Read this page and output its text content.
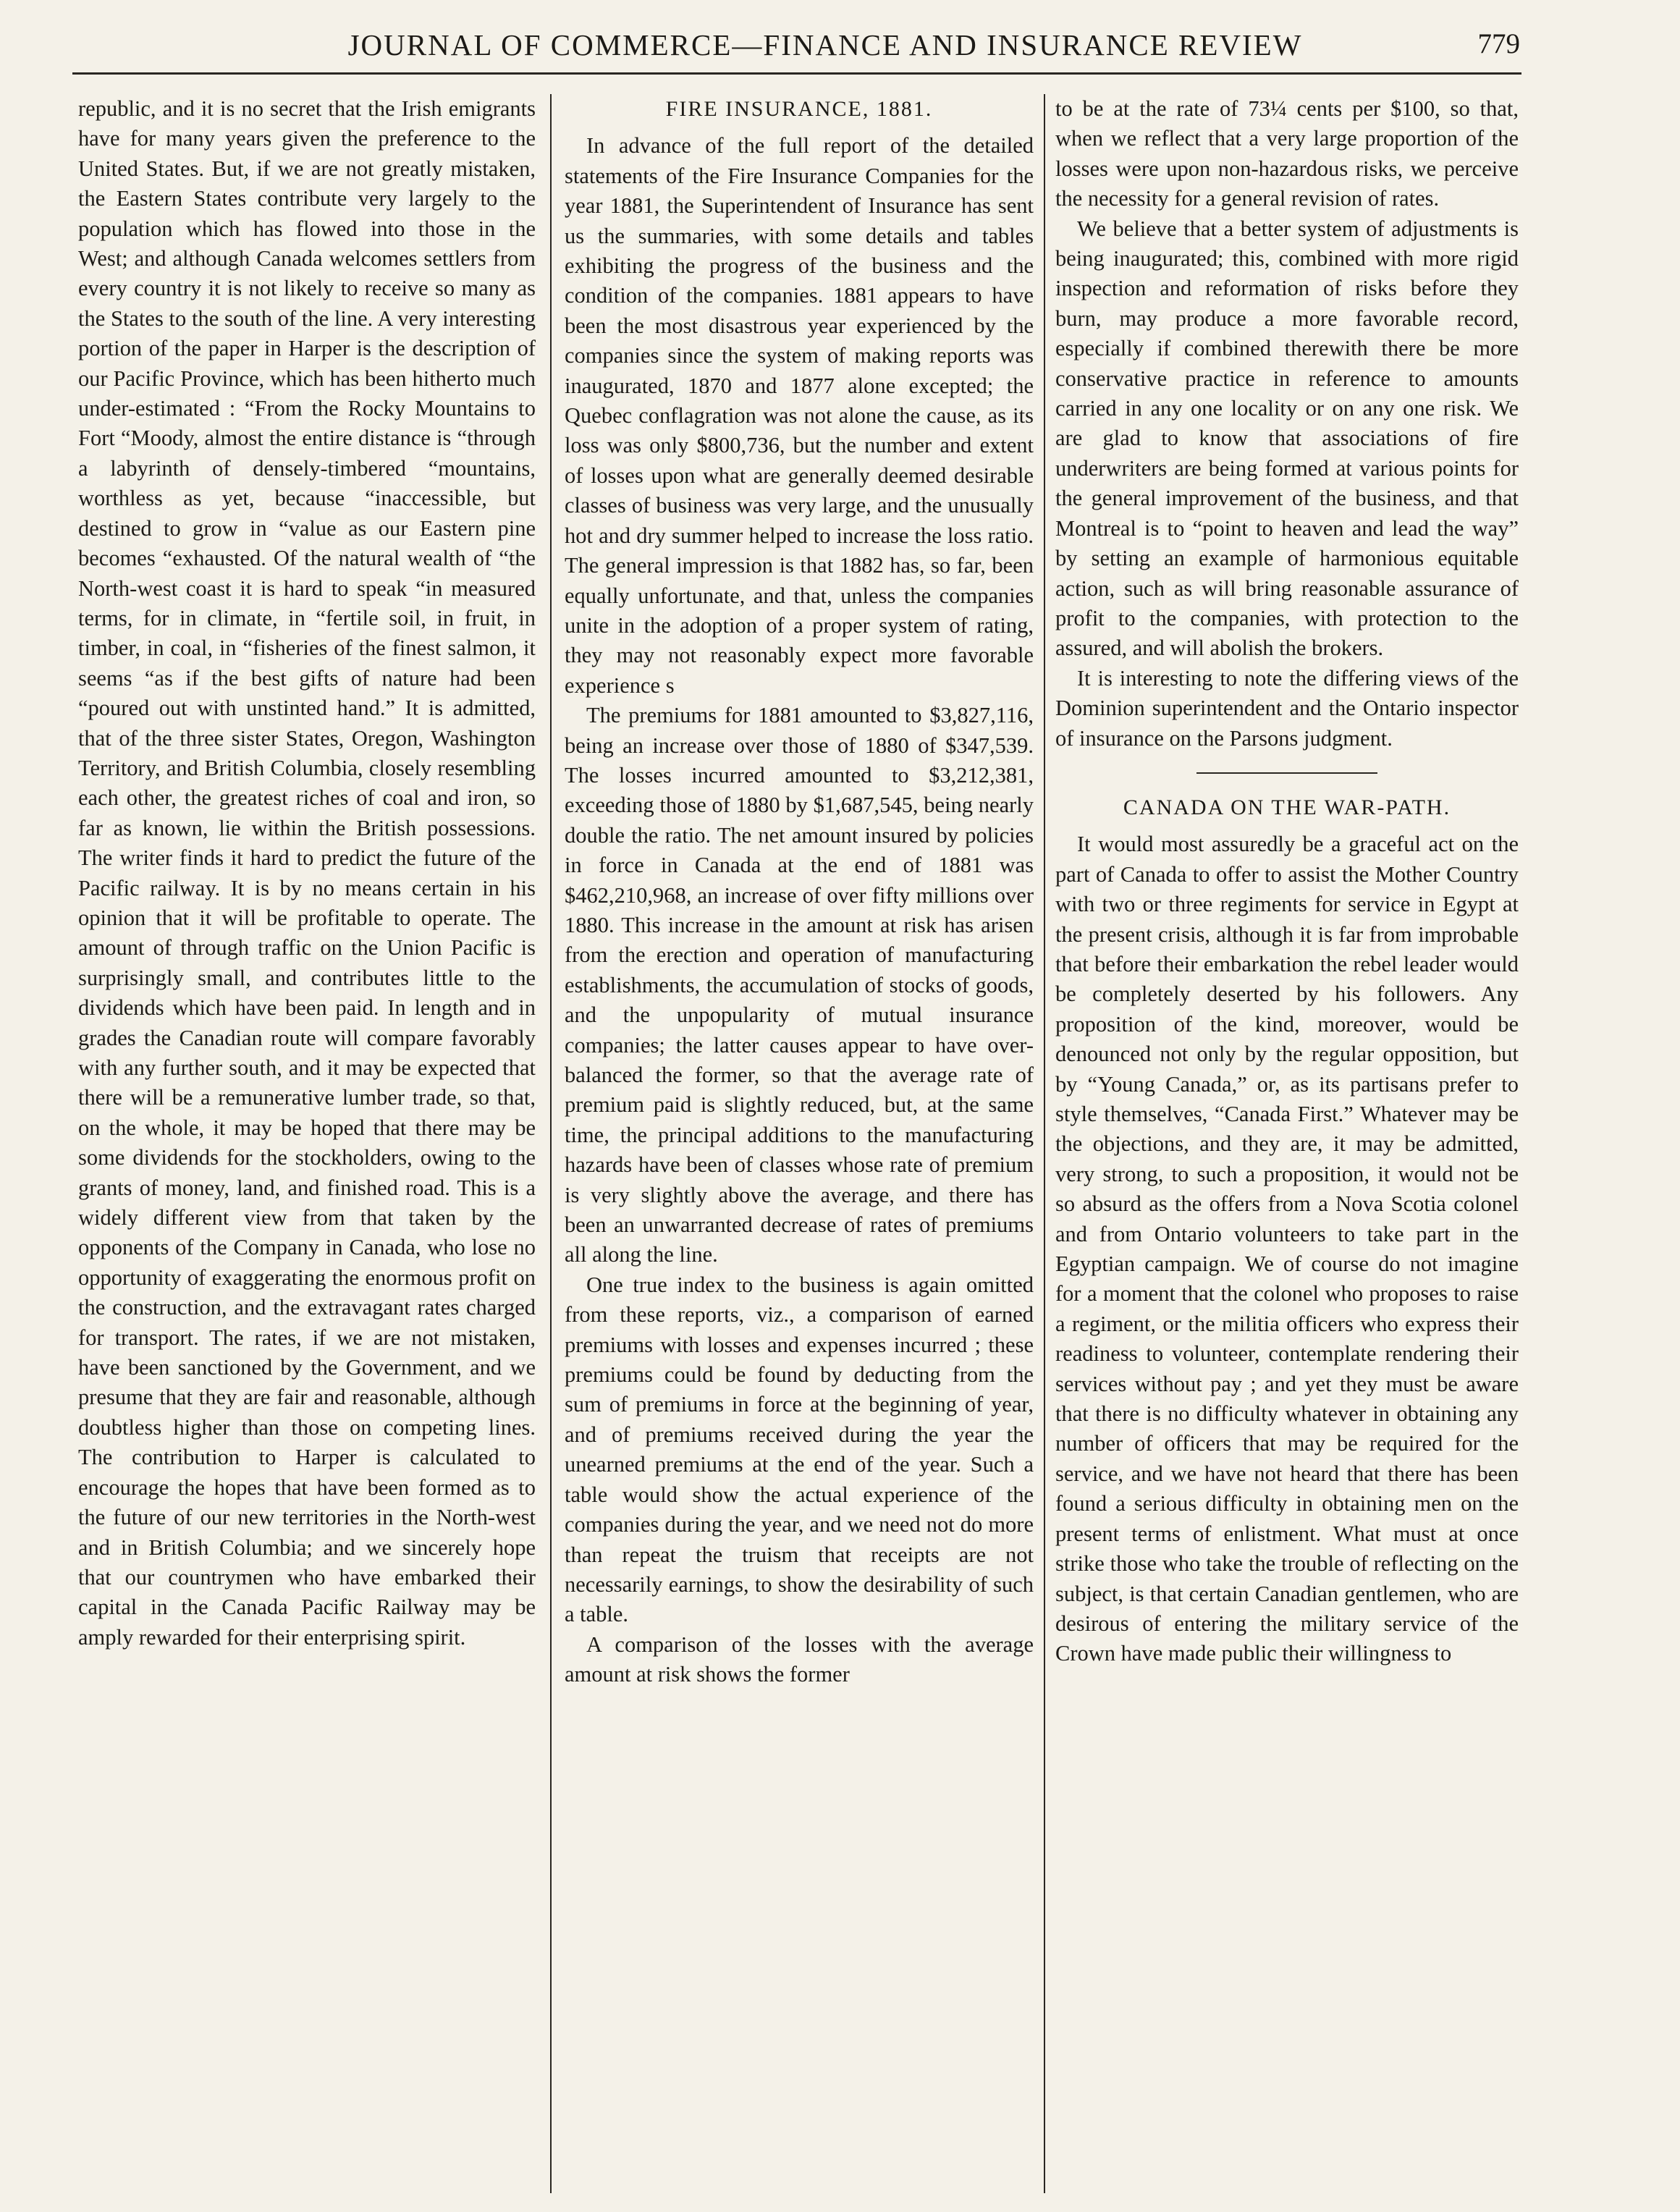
JOURNAL OF COMMERCE—FINANCE AND INSURANCE REVIEW	779

republic, and it is no secret that the Irish emigrants have for many years given the preference to the United States. But, if we are not greatly mistaken, the Eastern States contribute very largely to the population which has flowed into those in the West; and although Canada welcomes settlers from every country it is not likely to receive so many as the States to the south of the line. A very interesting portion of the paper in Harper is the description of our Pacific Province, which has been hitherto much under-estimated : “From the Rocky Mountains to Fort “Moody, almost the entire distance is “through a labyrinth of densely-timbered “mountains, worthless as yet, because “inaccessible, but destined to grow in “value as our Eastern pine becomes “exhausted. Of the natural wealth of “the North-west coast it is hard to speak “in measured terms, for in climate, in “fertile soil, in fruit, in timber, in coal, in “fisheries of the finest salmon, it seems “as if the best gifts of nature had been “poured out with unstinted hand.” It is admitted, that of the three sister States, Oregon, Washington Territory, and British Columbia, closely resembling each other, the greatest riches of coal and iron, so far as known, lie within the British possessions. The writer finds it hard to predict the future of the Pacific railway. It is by no means certain in his opinion that it will be profitable to operate. The amount of through traffic on the Union Pacific is surprisingly small, and contributes little to the dividends which have been paid. In length and in grades the Canadian route will compare favorably with any further south, and it may be expected that there will be a remunerative lumber trade, so that, on the whole, it may be hoped that there may be some dividends for the stockholders, owing to the grants of money, land, and finished road. This is a widely different view from that taken by the opponents of the Company in Canada, who lose no opportunity of exaggerating the enormous profit on the construction, and the extravagant rates charged for transport. The rates, if we are not mistaken, have been sanctioned by the Government, and we presume that they are fair and reasonable, although doubtless higher than those on competing lines. The contribution to Harper is calculated to encourage the hopes that have been formed as to the future of our new territories in the North-west and in British Columbia; and we sincerely hope that our countrymen who have embarked their capital in the Canada Pacific Railway may be amply rewarded for their enterprising spirit.

FIRE INSURANCE, 1881.

In advance of the full report of the detailed statements of the Fire Insurance Companies for the year 1881, the Superintendent of Insurance has sent us the summaries, with some details and tables exhibiting the progress of the business and the condition of the companies. 1881 appears to have been the most disastrous year experienced by the companies since the system of making reports was inaugurated, 1870 and 1877 alone excepted; the Quebec conflagration was not alone the cause, as its loss was only $800,736, but the number and extent of losses upon what are generally deemed desirable classes of business was very large, and the unusually hot and dry summer helped to increase the loss ratio. The general impression is that 1882 has, so far, been equally unfortunate, and that, unless the companies unite in the adoption of a proper system of rating, they may not reasonably expect more favorable experience s

The premiums for 1881 amounted to $3,827,116, being an increase over those of 1880 of $347,539. The losses incurred amounted to $3,212,381, exceeding those of 1880 by $1,687,545, being nearly double the ratio. The net amount insured by policies in force in Canada at the end of 1881 was $462,210,968, an increase of over fifty millions over 1880. This increase in the amount at risk has arisen from the erection and operation of manufacturing establishments, the accumulation of stocks of goods, and the unpopularity of mutual insurance companies; the latter causes appear to have over-balanced the former, so that the average rate of premium paid is slightly reduced, but, at the same time, the principal additions to the manufacturing hazards have been of classes whose rate of premium is very slightly above the average, and there has been an unwarranted decrease of rates of premiums all along the line.

One true index to the business is again omitted from these reports, viz., a comparison of earned premiums with losses and expenses incurred ; these premiums could be found by deducting from the sum of premiums in force at the beginning of year, and of premiums received during the year the unearned premiums at the end of the year. Such a table would show the actual experience of the companies during the year, and we need not do more than repeat the truism that receipts are not necessarily earnings, to show the desirability of such a table.

A comparison of the losses with the average amount at risk shows the former

to be at the rate of 73¼ cents per $100, so that, when we reflect that a very large proportion of the losses were upon non-hazardous risks, we perceive the necessity for a general revision of rates.

We believe that a better system of adjustments is being inaugurated; this, combined with more rigid inspection and reformation of risks before they burn, may produce a more favorable record, especially if combined therewith there be more conservative practice in reference to amounts carried in any one locality or on any one risk. We are glad to know that associations of fire underwriters are being formed at various points for the general improvement of the business, and that Montreal is to “point to heaven and lead the way” by setting an example of harmonious equitable action, such as will bring reasonable assurance of profit to the companies, with protection to the assured, and will abolish the brokers.

It is interesting to note the differing views of the Dominion superintendent and the Ontario inspector of insurance on the Parsons judgment.

CANADA ON THE WAR-PATH.

It would most assuredly be a graceful act on the part of Canada to offer to assist the Mother Country with two or three regiments for service in Egypt at the present crisis, although it is far from improbable that before their embarkation the rebel leader would be completely deserted by his followers. Any proposition of the kind, moreover, would be denounced not only by the regular opposition, but by “Young Canada,” or, as its partisans prefer to style themselves, “Canada First.” Whatever may be the objections, and they are, it may be admitted, very strong, to such a proposition, it would not be so absurd as the offers from a Nova Scotia colonel and from Ontario volunteers to take part in the Egyptian campaign. We of course do not imagine for a moment that the colonel who proposes to raise a regiment, or the militia officers who express their readiness to volunteer, contemplate rendering their services without pay ; and yet they must be aware that there is no difficulty whatever in obtaining any number of officers that may be required for the service, and we have not heard that there has been found a serious difficulty in obtaining men on the present terms of enlistment. What must at once strike those who take the trouble of reflecting on the subject, is that certain Canadian gentlemen, who are desirous of entering the military service of the Crown have made public their willingness to
